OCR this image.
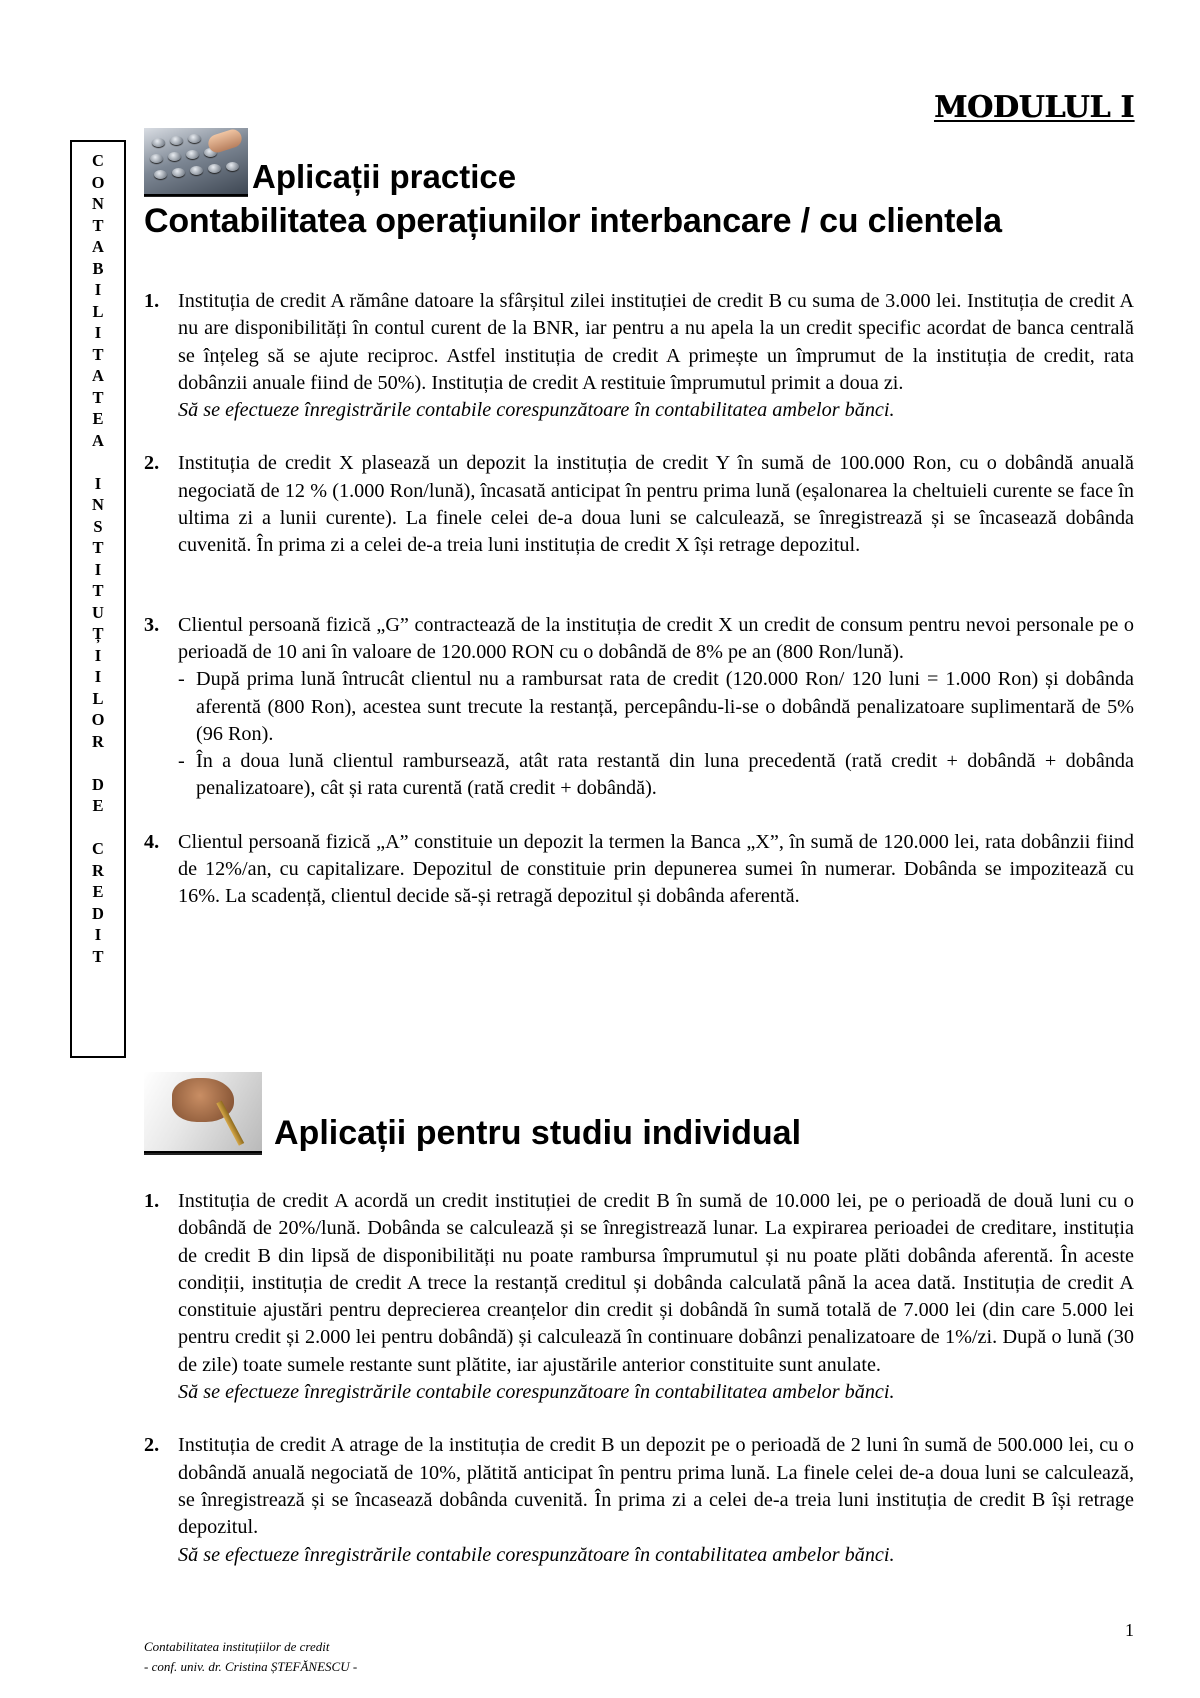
MODULUL I
C
O
N
T
A
B
I
L
I
T
A
T
E
A
I
N
S
T
I
T
U
Ț
I
I
L
O
R
D
E
C
R
E
D
I
T
Aplicații practice
Contabilitatea operațiunilor interbancare / cu clientela
1. Instituția de credit A rămâne datoare la sfârșitul zilei instituției de credit B cu suma de 3.000 lei. Instituția de credit A nu are disponibilități în contul curent de la BNR, iar pentru a nu apela la un credit specific acordat de banca centrală se înțeleg să se ajute reciproc. Astfel instituția de credit A primește un împrumut de la instituția de credit, rata dobânzii anuale fiind de 50%). Instituția de credit A restituie împrumutul primit a doua zi.

Să se efectueze înregistrările contabile corespunzătoare în contabilitatea ambelor bănci.

2. Instituția de credit X plasează un depozit la instituția de credit Y în sumă de 100.000 Ron, cu o dobândă anuală negociată de 12 % (1.000 Ron/lună), încasată anticipat în pentru prima lună (eșalonarea la cheltuieli curente se face în ultima zi a lunii curente). La finele celei de-a doua luni se calculează, se înregistrează și se încasează dobânda cuvenită. În prima zi a celei de-a treia luni instituția de credit X își retrage depozitul.

3. Clientul persoană fizică „G” contractează de la instituția de credit X un credit de consum pentru nevoi personale pe o perioadă de 10 ani în valoare de 120.000 RON cu o dobândă de 8% pe an (800 Ron/lună).

- După prima lună întrucât clientul nu a rambursat rata de credit (120.000 Ron/ 120 luni = 1.000 Ron) și dobânda aferentă (800 Ron), acestea sunt trecute la restanță, percepându-li-se o dobândă penalizatoare suplimentară de 5% (96 Ron).

- În a doua lună clientul rambursează, atât rata restantă din luna precedentă (rată credit + dobândă + dobânda penalizatoare), cât și rata curentă (rată credit + dobândă).

4. Clientul persoană fizică „A” constituie un depozit la termen la Banca „X”, în sumă de 120.000 lei, rata dobânzii fiind de 12%/an, cu capitalizare. Depozitul de constituie prin depunerea sumei în numerar. Dobânda se impozitează cu 16%. La scadență, clientul decide să-și retragă depozitul și dobânda aferentă.

Aplicații pentru studiu individual
1. Instituția de credit A acordă un credit instituției de credit B în sumă de 10.000 lei, pe o perioadă de două luni cu o dobândă de 20%/lună. Dobânda se calculează și se înregistrează lunar. La expirarea perioadei de creditare, instituția de credit B din lipsă de disponibilități nu poate rambursa împrumutul și nu poate plăti dobânda aferentă. În aceste condiții, instituția de credit A trece la restanță creditul și dobânda calculată până la acea dată. Instituția de credit A constituie ajustări pentru deprecierea creanțelor din credit și dobândă în sumă totală de 7.000 lei (din care 5.000 lei pentru credit și 2.000 lei pentru dobândă) și calculează în continuare dobânzi penalizatoare de 1%/zi. După o lună (30 de zile) toate sumele restante sunt plătite, iar ajustările anterior constituite sunt anulate.

Să se efectueze înregistrările contabile corespunzătoare în contabilitatea ambelor bănci.

2. Instituția de credit A atrage de la instituția de credit B un depozit pe o perioadă de 2 luni în sumă de 500.000 lei, cu o dobândă anuală negociată de 10%, plătită anticipat în pentru prima lună. La finele celei de-a doua luni se calculează, se înregistrează și se încasează dobânda cuvenită. În prima zi a celei de-a treia luni instituția de credit B își retrage depozitul.

Să se efectueze înregistrările contabile corespunzătoare în contabilitatea ambelor bănci.

1
Contabilitatea instituțiilor de credit
- conf. univ. dr. Cristina ȘTEFĂNESCU -
